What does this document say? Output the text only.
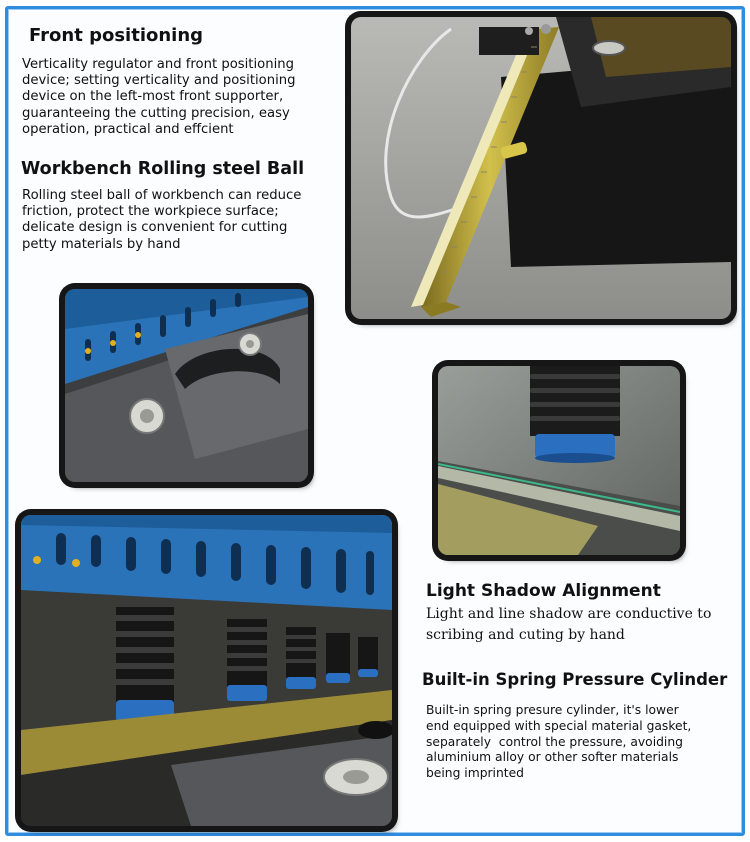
Front positioning
Verticality regulator and front positioning
device; setting verticality and positioning
device on the left-most front supporter,
guaranteeing the cutting precision, easy
operation, practical and effcient
Workbench Rolling steel Ball
Rolling steel ball of workbench can reduce
friction, protect the workpiece surface;
delicate design is convenient for cutting
petty materials by hand
Light Shadow Alignment
Light and line shadow are conductive to
scribing and cuting by hand
Built-in Spring Pressure Cylinder
Built-in spring presure cylinder, it's lower
end equipped with special material gasket,
separately  control the pressure, avoiding
aluminium alloy or other softer materials
being imprinted
